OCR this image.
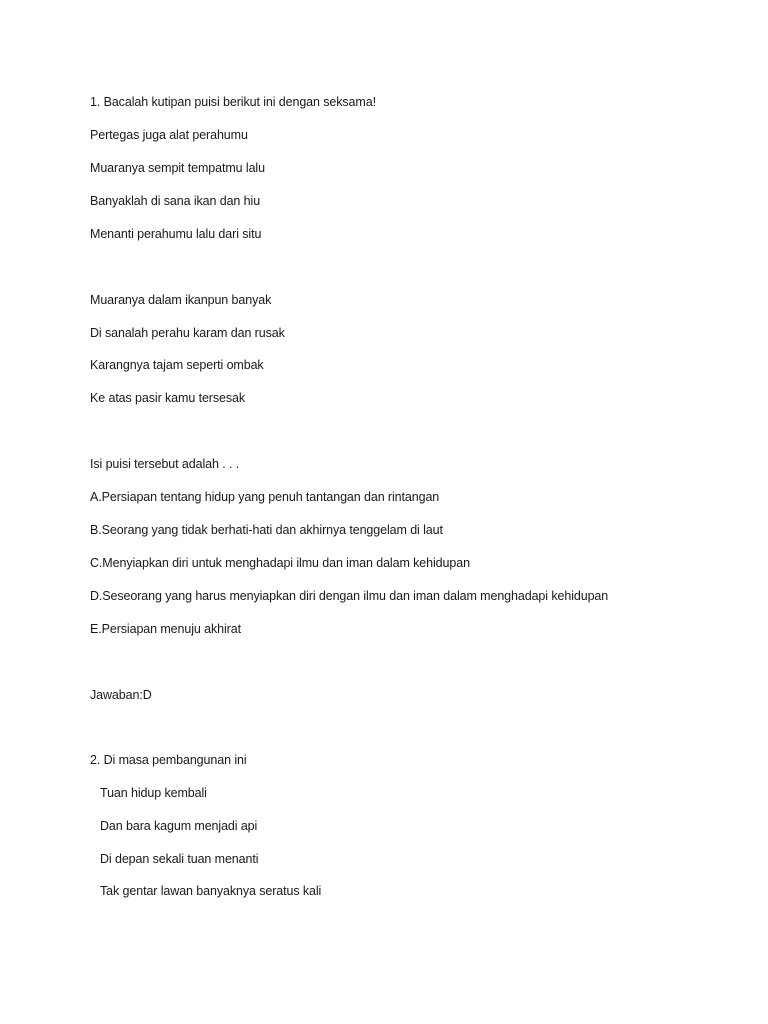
1. Bacalah kutipan puisi berikut ini dengan seksama!
Pertegas juga alat perahumu
Muaranya sempit tempatmu lalu
Banyaklah di sana ikan dan hiu
Menanti perahumu lalu dari situ
Muaranya dalam ikanpun banyak
Di sanalah perahu karam dan rusak
Karangnya tajam seperti ombak
Ke atas pasir kamu tersesak
Isi puisi tersebut adalah . . .
A.Persiapan tentang hidup yang penuh tantangan dan rintangan
B.Seorang yang tidak berhati-hati dan akhirnya tenggelam di laut
C.Menyiapkan diri untuk menghadapi ilmu dan iman dalam kehidupan
D.Seseorang yang harus menyiapkan diri dengan ilmu dan iman dalam menghadapi kehidupan
E.Persiapan menuju akhirat
Jawaban:D
2. Di masa pembangunan ini
Tuan hidup kembali
Dan bara kagum menjadi api
Di depan sekali tuan menanti
Tak gentar lawan banyaknya seratus kali
